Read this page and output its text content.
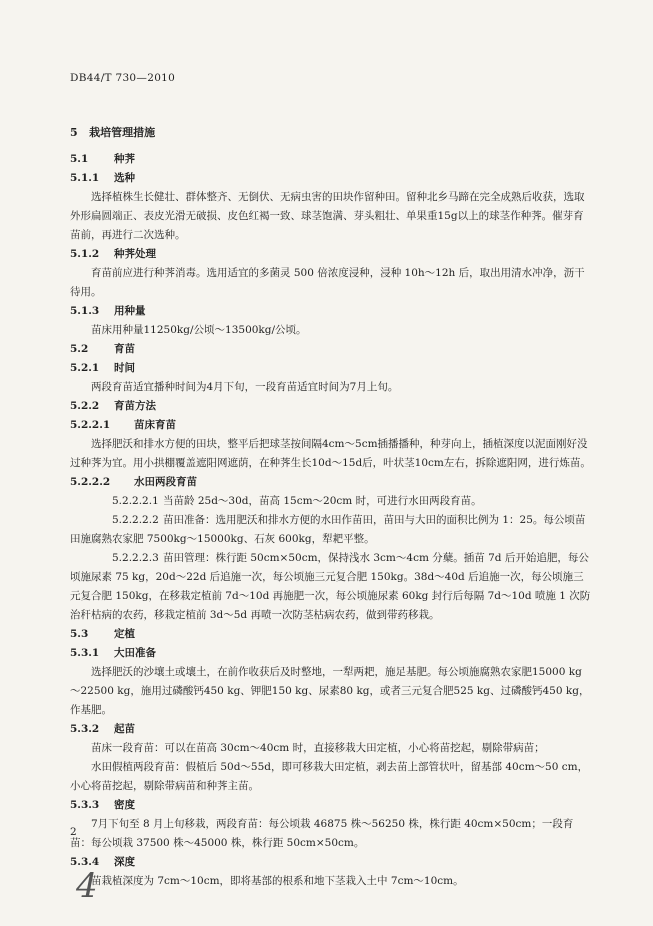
DB44/T 730—2010
5 栽培管理措施
5.1 种荠
5.1.1 选种

选择植株生长健壮、群体整齐、无倒伏、无病虫害的田块作留种田。留种北乡马蹄在完全成熟后收获，选取外形扁圆端正、表皮光滑无破损、皮色红褐一致、球茎饱满、芽头粗壮、单果重15g以上的球茎作种荠。催芽育苗前，再进行二次选种。

5.1.2 种荠处理

育苗前应进行种荠消毒。选用适宜的多菌灵 500 倍浓度浸种，浸种 10h～12h 后，取出用清水冲净，沥干待用。

5.1.3 用种量

苗床用种量11250kg/公顷～13500kg/公顷。

5.2 育苗
5.2.1 时间

两段育苗适宜播种时间为4月下旬，一段育苗适宜时间为7月上旬。

5.2.2 育苗方法
5.2.2.1 苗床育苗

选择肥沃和排水方便的田块，整平后把球茎按间隔4cm～5cm插播播种，种芽向上，插植深度以泥面刚好没过种荠为宜。用小拱棚覆盖遮阳网遮荫，在种荠生长10d～15d后，叶状茎10cm左右，拆除遮阳网，进行炼苗。

5.2.2.2 水田两段育苗

5.2.2.2.1 当苗龄 25d～30d，苗高 15cm～20cm 时，可进行水田两段育苗。

5.2.2.2.2 苗田准备：选用肥沃和排水方便的水田作苗田，苗田与大田的面积比例为 1：25。每公顷苗田施腐熟农家肥 7500kg～15000kg、石灰 600kg，犁耙平整。

5.2.2.2.3 苗田管理：株行距 50cm×50cm，保持浅水 3cm～4cm 分蘖。插苗 7d 后开始追肥，每公顷施尿素 75 kg，20d～22d 后追施一次，每公顷施三元复合肥 150kg。38d～40d 后追施一次，每公顷施三元复合肥 150kg，在移栽定植前 7d～10d 再施肥一次，每公顷施尿素 60kg 封行后每隔 7d～10d 喷施 1 次防治秆枯病的农药，移栽定植前 3d～5d 再喷一次防茎枯病农药，做到带药移栽。

5.3 定植
5.3.1 大田准备

选择肥沃的沙壤土或壤土，在前作收获后及时整地，一犁两耙，施足基肥。每公顷施腐熟农家肥15000 kg～22500 kg，施用过磷酸钙450 kg、钾肥150 kg、尿素80 kg，或者三元复合肥525 kg、过磷酸钙450 kg，作基肥。

5.3.2 起苗

苗床一段育苗：可以在苗高 30cm～40cm 时，直接移栽大田定植，小心将苗挖起，剔除带病苗；

水田假植两段育苗：假植后 50d～55d，即可移栽大田定植，剥去苗上部管状叶，留基部 40cm～50 cm，小心将苗挖起，剔除带病苗和种荠主苗。

5.3.3 密度

7月下旬至 8 月上旬移栽，两段育苗：每公顷栽 46875 株～56250 株，株行距 40cm×50cm；一段育苗：每公顷栽 37500 株～45000 株，株行距 50cm×50cm。

5.3.4 深度

苗栽植深度为 7cm～10cm，即将基部的根系和地下茎栽入土中 7cm～10cm。

2
4
